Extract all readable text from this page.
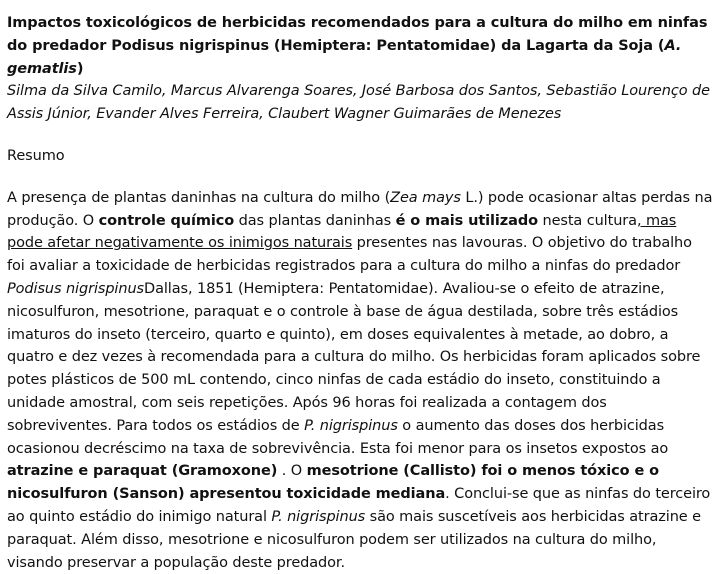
Impactos toxicológicos de herbicidas recomendados para a cultura do milho em ninfas do predador Podisus nigrispinus (Hemiptera: Pentatomidae) da Lagarta da Soja (A. gematlis)

Silma da Silva Camilo, Marcus Alvarenga Soares, José Barbosa dos Santos, Sebastião Lourenço de Assis Júnior, Evander Alves Ferreira, Claubert Wagner Guimarães de Menezes

Resumo

A presença de plantas daninhas na cultura do milho (Zea mays L.) pode ocasionar altas perdas na produção. O controle químico das plantas daninhas é o mais utilizado nesta cultura, mas pode afetar negativamente os inimigos naturais presentes nas lavouras. O objetivo do trabalho foi avaliar a toxicidade de herbicidas registrados para a cultura do milho a ninfas do predador Podisus nigrispinusDallas, 1851 (Hemiptera: Pentatomidae). Avaliou-se o efeito de atrazine, nicosulfuron, mesotrione, paraquat e o controle à base de água destilada, sobre três estádios imaturos do inseto (terceiro, quarto e quinto), em doses equivalentes à metade, ao dobro, a quatro e dez vezes à recomendada para a cultura do milho. Os herbicidas foram aplicados sobre potes plásticos de 500 mL contendo, cinco ninfas de cada estádio do inseto, constituindo a unidade amostral, com seis repetições. Após 96 horas foi realizada a contagem dos sobreviventes. Para todos os estádios de P. nigrispinus o aumento das doses dos herbicidas ocasionou decréscimo na taxa de sobrevivência. Esta foi menor para os insetos expostos ao atrazine e paraquat (Gramoxone) . O mesotrione (Callisto) foi o menos tóxico e o nicosulfuron (Sanson) apresentou toxicidade mediana. Conclui-se que as ninfas do terceiro ao quinto estádio do inimigo natural P. nigrispinus são mais suscetíveis aos herbicidas atrazine e paraquat. Além disso, mesotrione e nicosulfuron podem ser utilizados na cultura do milho, visando preservar a população deste predador.
